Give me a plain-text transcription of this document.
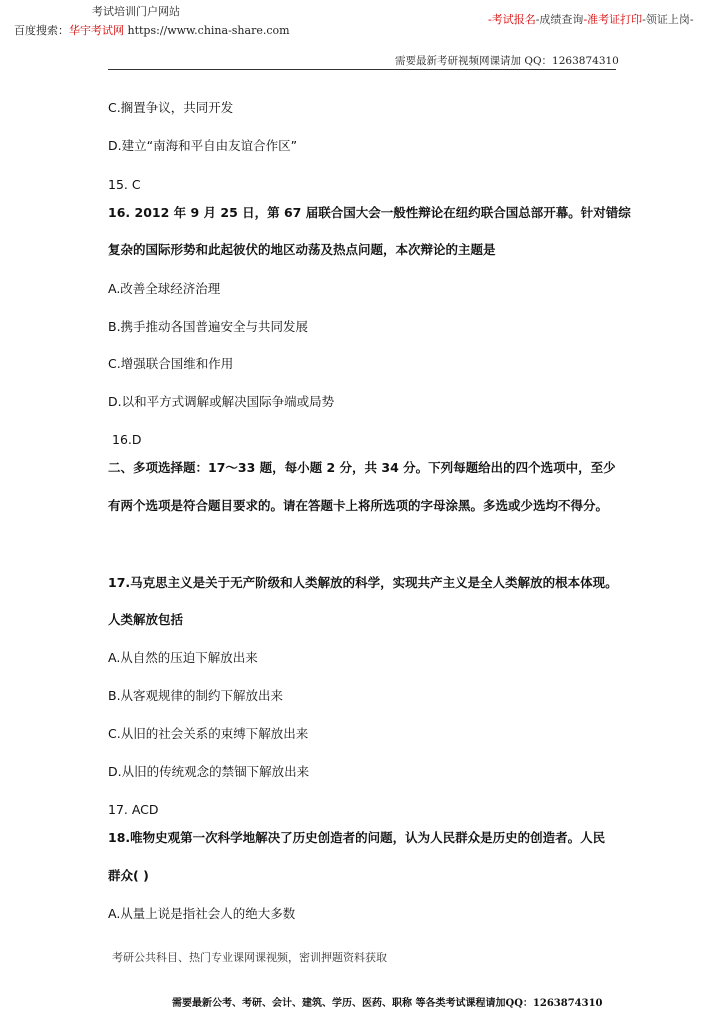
考试培训门户网站
百度搜索：华宇考试网 https://www.china-share.com
-考试报名-成绩查询-准考证打印-领证上岗-
需要最新考研视频网课请加 QQ：1263874310
C.搁置争议，共同开发
D.建立“南海和平自由友谊合作区”
15. C
16. 2012 年 9 月 25 日，第 67 届联合国大会一般性辩论在纽约联合国总部开幕。针对错综
复杂的国际形势和此起彼伏的地区动荡及热点问题，本次辩论的主题是
A.改善全球经济治理
B.携手推动各国普遍安全与共同发展
C.增强联合国维和作用
D.以和平方式调解或解决国际争端或局势
16.D
二、多项选择题：17～33 题，每小题 2 分，共 34 分。下列每题给出的四个选项中，至少
有两个选项是符合题目要求的。请在答题卡上将所选项的字母涂黑。多选或少选均不得分。
17.马克思主义是关于无产阶级和人类解放的科学，实现共产主义是全人类解放的根本体现。
人类解放包括
A.从自然的压迫下解放出来
B.从客观规律的制约下解放出来
C.从旧的社会关系的束缚下解放出来
D.从旧的传统观念的禁锢下解放出来
17. ACD
18.唯物史观第一次科学地解决了历史创造者的问题，认为人民群众是历史的创造者。人民
群众( )
A.从量上说是指社会人的绝大多数
考研公共科目、热门专业课网课视频，密训押题资料获取
需要最新公考、考研、会计、建筑、学历、医药、职称 等各类考试课程请加QQ：1263874310
